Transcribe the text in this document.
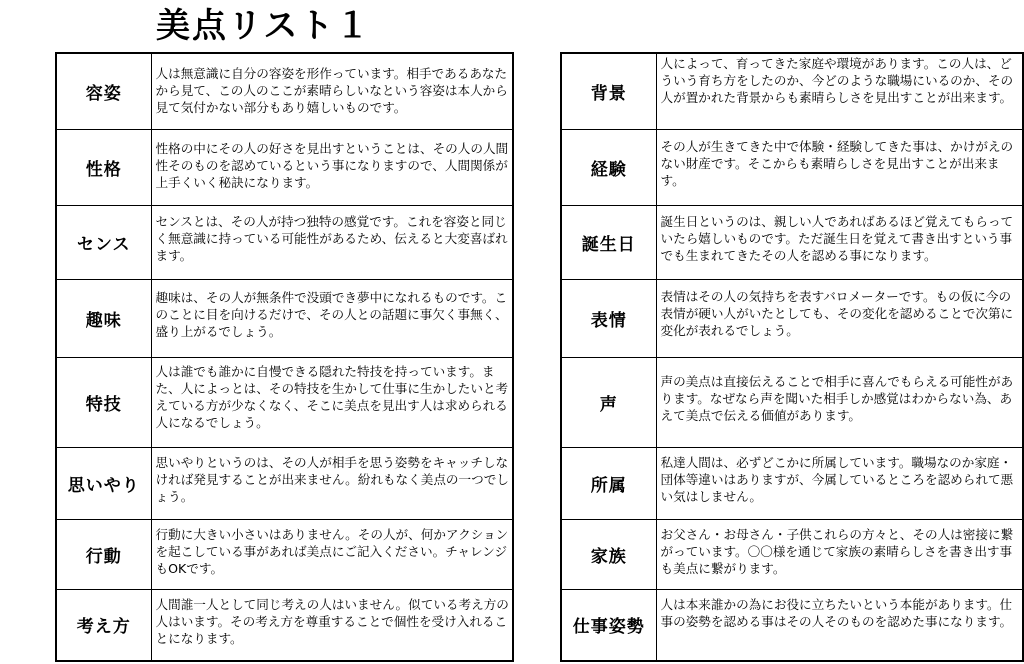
美点リスト１
容姿	人は無意識に自分の容姿を形作っています。相手であるあなたから見て、この人のここが素晴らしいなという容姿は本人から見て気付かない部分もあり嬉しいものです。
性格	性格の中にその人の好さを見出すということは、その人の人間性そのものを認めているという事になりますので、人間関係が上手くいく秘訣になります。
センス	センスとは、その人が持つ独特の感覚です。これを容姿と同じく無意識に持っている可能性があるため、伝えると大変喜ばれます。
趣味	趣味は、その人が無条件で没頭でき夢中になれるものです。このことに目を向けるだけで、その人との話題に事欠く事無く、盛り上がるでしょう。
特技	人は誰でも誰かに自慢できる隠れた特技を持っています。また、人によっとは、その特技を生かして仕事に生かしたいと考えている方が少なくなく、そこに美点を見出す人は求められる人になるでしょう。
思いやり	思いやりというのは、その人が相手を思う姿勢をキャッチしなければ発見することが出来ません。紛れもなく美点の一つでしょう。
行動	行動に大きい小さいはありません。その人が、何かアクションを起こしている事があれば美点にご記入ください。チャレンジもOKです。
考え方	人間誰一人として同じ考えの人はいません。似ている考え方の人はいます。その考え方を尊重することで個性を受け入れることになります。
背景	人によって、育ってきた家庭や環境があります。この人は、どういう育ち方をしたのか、今どのような職場にいるのか、その人が置かれた背景からも素晴らしさを見出すことが出来ます。
経験	その人が生きてきた中で体験・経験してきた事は、かけがえのない財産です。そこからも素晴らしさを見出すことが出来ます。
誕生日	誕生日というのは、親しい人であればあるほど覚えてもらっていたら嬉しいものです。ただ誕生日を覚えて書き出すという事でも生まれてきたその人を認める事になります。
表情	表情はその人の気持ちを表すバロメーターです。もの仮に今の表情が硬い人がいたとしても、その変化を認めることで次第に変化が表れるでしょう。
声	声の美点は直接伝えることで相手に喜んでもらえる可能性があります。なぜなら声を聞いた相手しか感覚はわからない為、あえて美点で伝える価値があります。
所属	私達人間は、必ずどこかに所属しています。職場なのか家庭・団体等違いはありますが、今属しているところを認められて悪い気はしません。
家族	お父さん・お母さん・子供これらの方々と、その人は密接に繋がっています。〇〇様を通じて家族の素晴らしさを書き出す事も美点に繋がります。
仕事姿勢	人は本来誰かの為にお役に立ちたいという本能があります。仕事の姿勢を認める事はその人そのものを認めた事になります。
